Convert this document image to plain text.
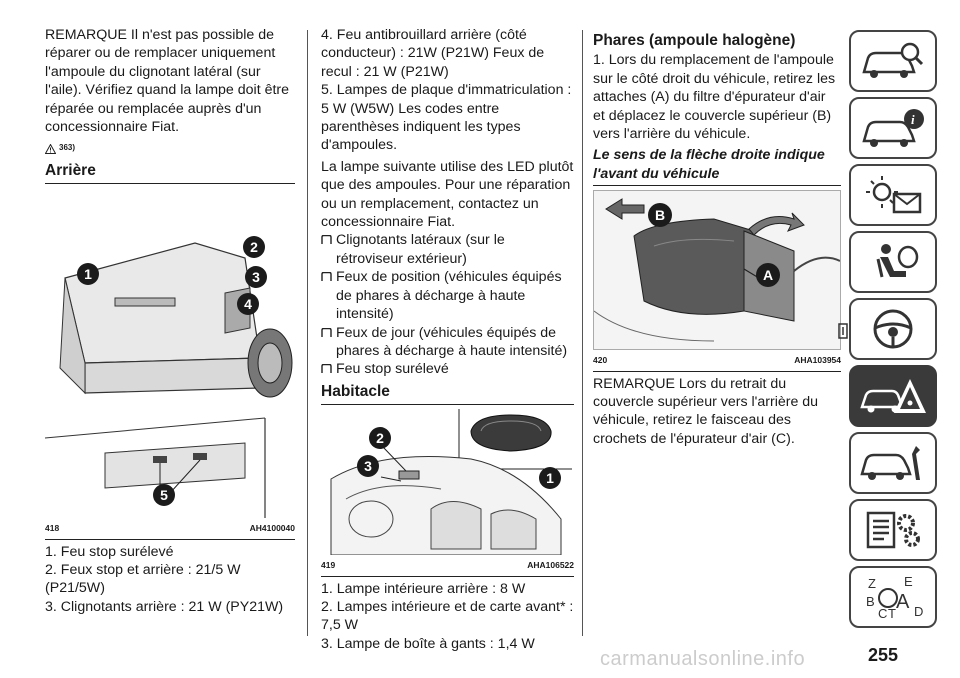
REMARQUE Il n'est pas possible de réparer ou de remplacer uniquement l'ampoule du clignotant latéral (sur l'aile). Vérifiez quand la lampe doit être réparée ou remplacée auprès d'un concessionnaire Fiat.

363)
Arrière
1
2
3
4
5
418	AH4100040

1. Feu stop surélevé

2. Feux stop et arrière : 21/5 W (P21/5W)

3. Clignotants arrière : 21 W (PY21W)

4. Feu antibrouillard arrière (côté conducteur) : 21W (P21W) Feux de recul : 21 W (P21W)

5. Lampes de plaque d'immatriculation : 5 W (W5W) Les codes entre parenthèses indiquent les types d'ampoules.

La lampe suivante utilise des LED plutôt que des ampoules. Pour une réparation ou un remplacement, contactez un concessionnaire Fiat.

Clignotants latéraux (sur le rétroviseur extérieur)
Feux de position (véhicules équipés de phares à décharge à haute intensité)
Feux de jour (véhicules équipés de phares à décharge à haute intensité)
Feu stop surélevé
Habitacle
1
2
3
419	AHA106522

1. Lampe intérieure arrière : 8 W

2. Lampes intérieure et de carte avant* : 7,5 W

3. Lampe de boîte à gants : 1,4 W

Phares (ampoule halogène)

1. Lors du remplacement de l'ampoule sur le côté droit du véhicule, retirez les attaches (A) du filtre d'épurateur d'air et déplacez le couvercle supérieur (B) vers l'arrière du véhicule.

Le sens de la flèche droite indique l'avant du véhicule
B
A
420	AHA103954

REMARQUE Lors du retrait du couvercle supérieur vers l'arrière du véhicule, retirez le faisceau des crochets de l'épurateur d'air (C).

i
Z E
B A
C T D
carmanualsonline.info	255
